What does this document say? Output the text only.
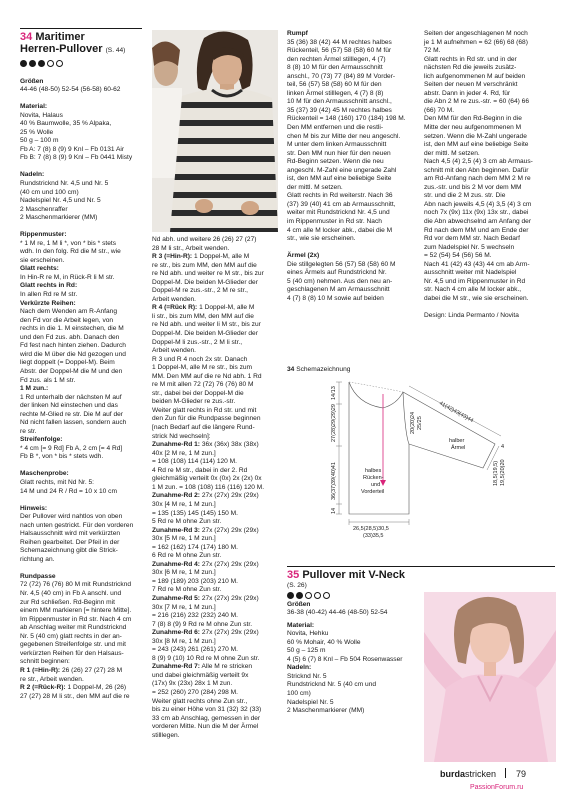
34 Maritimer
Herren-Pullover (S. 44)

Größen

44-46 (48-50) 52-54 (56-58) 60-62

Material:

Novita, Halaus

40 % Baumwolle, 35 % Alpaka,

25 % Wolle

50 g – 100 m

Fb A: 7 (8) 8 (9) 9 Knl – Fb 0131 Air

Fb B: 7 (8) 8 (9) 9 Knl – Fb 0441 Misty

Nadeln:

Rundstricknd Nr. 4,5 und Nr. 5

(40 cm und 100 cm)

Nadelspiel Nr. 4,5 und Nr. 5

2 Maschenraffer

2 Maschenmarkierer (MM)

Rippenmuster:

* 1 M re, 1 M li *, von * bis * stets

wdh. In den folg. Rd die M str., wie

sie erscheinen.

Glatt rechts:

In Hin-R re M, in Rück-R li M str.

Glatt rechts in Rd:

In allen Rd re M str.

Verkürzte Reihen:

Nach dem Wenden am R-Anfang

den Fd vor die Arbeit legen, von

rechts in die 1. M einstechen, die M

und den Fd zus. abh. Danach den

Fd fest nach hinten ziehen. Dadurch

wird die M über die Nd gezogen und

liegt doppelt (= Doppel-M). Beim

Abstr. der Doppel-M die M und den

Fd zus. als 1 M str.

1 M zun.:

1 Rd unterhalb der nächsten M auf

der linken Nd einstechen und das

rechte M-Glied re str. Die M auf der

Nd nicht fallen lassen, sondern auch

re str.

Streifenfolge:

* 4 cm [= 9 Rd] Fb A, 2 cm [= 4 Rd]

Fb B *, von * bis * stets wdh.

Maschenprobe:

Glatt rechts, mit Nd Nr. 5:

14 M und 24 R / Rd = 10 x 10 cm

Hinweis:

Der Pullover wird nahtlos von oben

nach unten gestrickt. Für den vorderen

Halsausschnitt wird mit verkürzten

Reihen gearbeitet. Der Pfeil in der

Schemazeichnung gibt die Strick-

richtung an.

Rundpasse

72 (72) 76 (76) 80 M mit Rundstricknd

Nr. 4,5 (40 cm) in Fb A anschl. und

zur Rd schließen. Rd-Beginn mit

einem MM markieren [= hintere Mitte].

Im Rippenmuster in Rd str. Nach 4 cm

ab Anschlag weiter mit Rundstricknd

Nr. 5 (40 cm) glatt rechts in der an-

gegebenen Streifenfolge str. und mit

verkürzten Reihen für den Halsaus-

schnitt beginnen:

R 1 (=Hin-R): 26 (26) 27 (27) 28 M

re str., Arbeit wenden.

R 2 (=Rück-R): 1 Doppel-M, 26 (26)

27 (27) 28 M li str., den MM auf die re

Nd abh. und weitere 26 (26) 27 (27)

28 M li str., Arbeit wenden.

R 3 (=Hin-R): 1 Doppel-M, alle M

re str., bis zum MM, den MM auf die

re Nd abh. und weiter re M str., bis zur

Doppel-M. Die beiden M-Glieder der

Doppel-M re zus.-str., 2 M re str.,

Arbeit wenden.

R 4 (=Rück R): 1 Doppel-M, alle M

li str., bis zum MM, den MM auf die

re Nd abh. und weiter li M str., bis zur

Doppel-M. Die beiden M-Glieder der

Doppel-M li zus.-str., 2 M li str.,

Arbeit wenden.

R 3 und R 4 noch 2x str. Danach

1 Doppel-M, alle M re str., bis zum

MM. Den MM auf die re Nd abh. 1 Rd

re M mit allen 72 (72) 76 (76) 80 M

str., dabei bei der Doppel-M die

beiden M-Glieder re zus.-str.

Weiter glatt rechts in Rd str. und mit

den Zun für die Rundpasse beginnen

[nach Bedarf auf die längere Rund-

strick Nd wechseln]:

Zunahme-Rd 1: 36x (36x) 38x (38x)

40x [2 M re, 1 M zun.]

= 108 (108) 114 (114) 120 M.

4 Rd re M str., dabei in der 2. Rd

gleichmäßig verteilt 0x (0x) 2x (2x) 0x

1 M zun. = 108 (108) 116 (116) 120 M.

Zunahme-Rd 2: 27x (27x) 29x (29x)

30x [4 M re, 1 M zun.]

= 135 (135) 145 (145) 150 M.

5 Rd re M ohne Zun str.

Zunahme-Rd 3: 27x (27x) 29x (29x)

30x [5 M re, 1 M zun.]

= 162 (162) 174 (174) 180 M.

6 Rd re M ohne Zun str.

Zunahme-Rd 4: 27x (27x) 29x (29x)

30x [6 M re, 1 M zun.]

= 189 (189) 203 (203) 210 M.

7 Rd re M ohne Zun str.

Zunahme-Rd 5: 27x (27x) 29x (29x)

30x [7 M re, 1 M zun.]

= 216 (216) 232 (232) 240 M.

7 (8) 8 (9) 9 Rd re M ohne Zun str.

Zunahme-Rd 6: 27x (27x) 29x (29x)

30x [8 M re, 1 M zun.]

= 243 (243) 261 (261) 270 M.

8 (9) 9 (10) 10 Rd re M ohne Zun str.

Zunahme-Rd 7: Alle M re stricken

und dabei gleichmäßig verteilt 9x

(17x) 9x (23x) 28x 1 M zun.

= 252 (260) 270 (284) 298 M.

Weiter glatt rechts ohne Zun str.,

bis zu einer Höhe von 31 (32) 32 (33)

33 cm ab Anschlag, gemessen in der

vorderen Mitte. Nun die M der Ärmel

stilllegen.

Rumpf

35 (36) 38 (42) 44 M rechtes halbes

Rückenteil, 56 (57) 58 (58) 60 M für

den rechten Ärmel stilllegen, 4 (7)

8 (8) 10 M für den Armausschnitt

anschl., 70 (73) 77 (84) 89 M Vorder-

teil, 56 (57) 58 (58) 60 M für den

linken Ärmel stilllegen, 4 (7) 8 (8)

10 M für den Armausschnitt anschl.,

35 (37) 39 (42) 45 M rechtes halbes

Rückenteil = 148 (160) 170 (184) 198 M.

Den MM entfernen und die restli-

chen M bis zur Mitte der neu angeschl.

M unter dem linken Armausschnitt

str. Den MM nun hier für den neuen

Rd-Beginn setzen. Wenn die neu

angeschl. M-Zahl eine ungerade Zahl

ist, den MM auf eine beliebige Seite

der mittl. M setzen.

Glatt rechts in Rd weiterstr. Nach 36

(37) 39 (40) 41 cm ab Armausschnitt,

weiter mit Rundstricknd Nr. 4,5 und

im Rippenmuster in Rd str. Nach

4 cm alle M locker abk., dabei die M

str., wie sie erscheinen.

Ärmel (2x)

Die stillgelegten 56 (57) 58 (58) 60 M

eines Ärmels auf Rundstricknd Nr.

5 (40 cm) nehmen. Aus den neu an-

geschlagenen M am Armausschnitt

4 (7) 8 (8) 10 M sowie auf beiden

Seiten der angeschlagenen M noch

je 1 M aufnehmen = 62 (66) 68 (68)

72 M.

Glatt rechts in Rd str. und in der

nächsten Rd die jeweils zusätz-

lich aufgenommenen M auf beiden

Seiten der neuen M verschränkt

abstr. Dann in jeder 4. Rd, für

die Abn 2 M re zus.-str. = 60 (64) 66

(66) 70 M.

Den MM für den Rd-Beginn in die

Mitte der neu aufgenommenen M

setzen. Wenn die M-Zahl ungerade

ist, den MM auf eine beliebige Seite

der mittl. M setzen.

Nach 4,5 (4) 2,5 (4) 3 cm ab Armaus-

schnitt mit den Abn beginnen. Dafür

am Rd-Anfang nach dem MM 2 M re

zus.-str. und bis 2 M vor dem MM

str. und die 2 M zus. str. Die

Abn nach jeweils 4,5 (4) 3,5 (4) 3 cm

noch 7x (9x) 11x (9x) 13x str., dabei

die Abn abwechselnd am Anfang der

Rd nach dem MM und am Ende der

Rd vor dem MM str. Nach Bedarf

zum Nadelspiel Nr. 5 wechseln

= 52 (54) 54 (56) 56 M.

Nach 41 (42) 43 (43) 44 cm ab Arm-

ausschnitt weiter mit Nadelspiel

Nr. 4,5 und im Rippenmuster in Rd

str. Nach 4 cm alle M locker abk.,

dabei die M str., wie sie erscheinen.

Design: Linda Permanto / Novita

34 Schemazeichnung
14/13
27(28)29(29)29
36(37)39(40)41
14
20(20)24 25/25	41(42)43(43)44
4
18,5(19,5) 19,5(20)20
halber
Ärmel
halbes
Rücken-
und
Vorderteil
26,5(28,5)30,5
(33)35,5
35 Pullover mit V-Neck

(S. 26)

Größen

36-38 (40-42) 44-46 (48-50) 52-54

Material:

Novita, Hehku

60 % Mohair, 40 % Wolle

50 g – 125 m

4 (5) 6 (7) 8 Knl – Fb 504 Rosenwasser

Nadeln:

Stricknd Nr. 5

Rundstricknd Nr. 5 (40 cm und

100 cm)

Nadelspiel Nr. 5

2 Maschenmarkierer (MM)

burdastricken 79
PassionForum.ru
